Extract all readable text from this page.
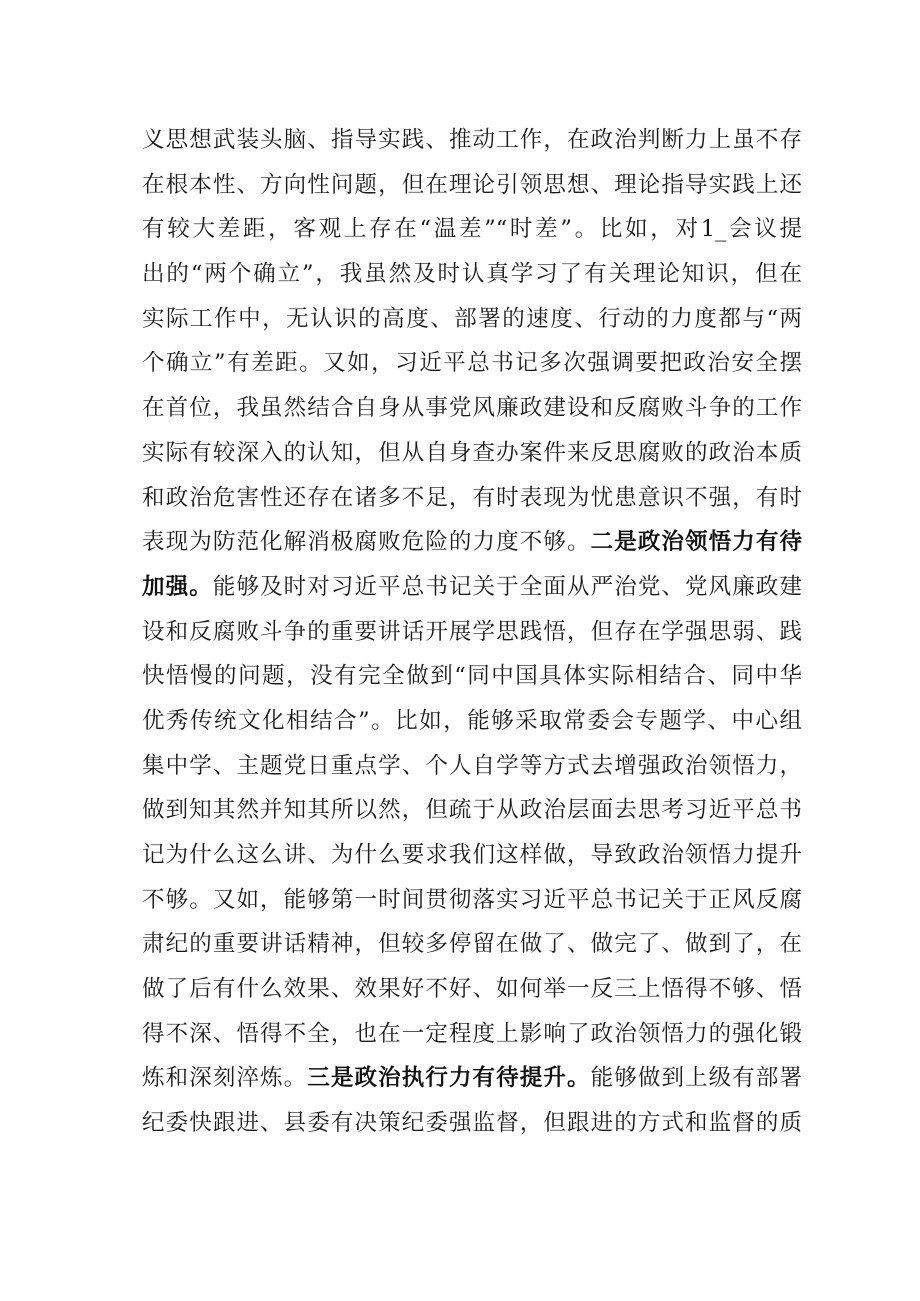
义思想武装头脑、指导实践、推动工作，在政治判断力上虽不存
在根本性、方向性问题，但在理论引领思想、理论指导实践上还
有较大差距，客观上存在“温差”“时差”。比如，对1_会议提
出的“两个确立”，我虽然及时认真学习了有关理论知识，但在
实际工作中，无认识的高度、部署的速度、行动的力度都与“两
个确立”有差距。又如，习近平总书记多次强调要把政治安全摆
在首位，我虽然结合自身从事党风廉政建设和反腐败斗争的工作
实际有较深入的认知，但从自身查办案件来反思腐败的政治本质
和政治危害性还存在诸多不足，有时表现为忧患意识不强，有时
表现为防范化解消极腐败危险的力度不够。二是政治领悟力有待
加强。能够及时对习近平总书记关于全面从严治党、党风廉政建
设和反腐败斗争的重要讲话开展学思践悟，但存在学强思弱、践
快悟慢的问题，没有完全做到“同中国具体实际相结合、同中华
优秀传统文化相结合”。比如，能够采取常委会专题学、中心组
集中学、主题党日重点学、个人自学等方式去增强政治领悟力，
做到知其然并知其所以然，但疏于从政治层面去思考习近平总书
记为什么这么讲、为什么要求我们这样做，导致政治领悟力提升
不够。又如，能够第一时间贯彻落实习近平总书记关于正风反腐
肃纪的重要讲话精神，但较多停留在做了、做完了、做到了，在
做了后有什么效果、效果好不好、如何举一反三上悟得不够、悟
得不深、悟得不全，也在一定程度上影响了政治领悟力的强化锻
炼和深刻淬炼。三是政治执行力有待提升。能够做到上级有部署
纪委快跟进、县委有决策纪委强监督，但跟进的方式和监督的质
